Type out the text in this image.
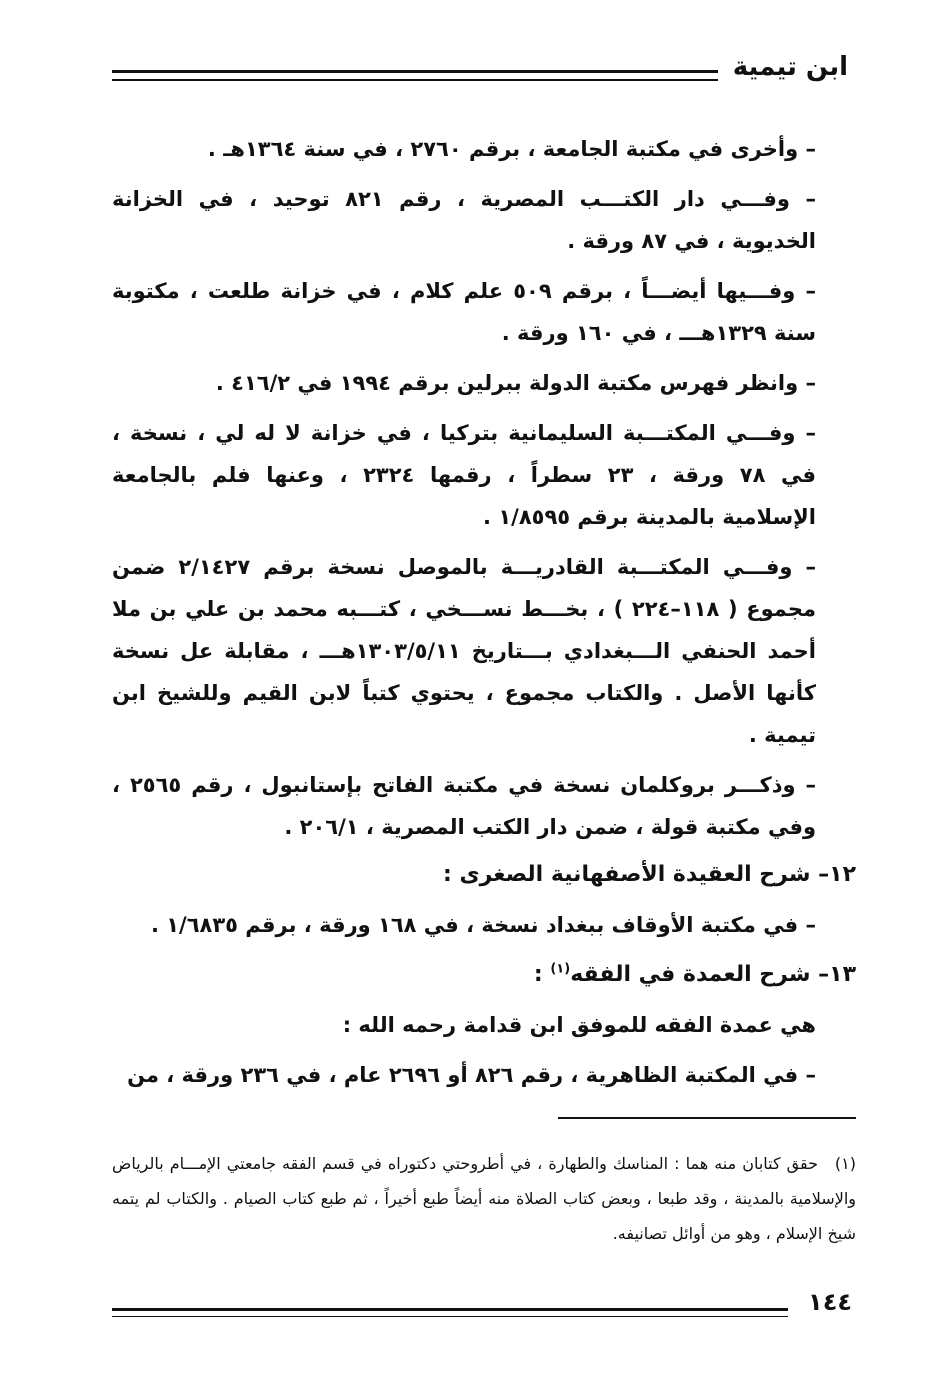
ابن تيمية

– وأخرى في مكتبة الجامعة ، برقم ٢٧٦٠ ، في سنة ١٣٦٤هـ .

– وفـــي دار الكتـــب المصرية ، رقم ٨٢١ توحيد ، في الخزانة الخديوية ، في ٨٧ ورقة .

– وفـــيها أيضـــاً ، برقم ٥٠٩ علم كلام ، في خزانة طلعت ، مكتوبة سنة ١٣٢٩هـــ ، في ١٦٠ ورقة .

– وانظر فهرس مكتبة الدولة ببرلين برقم ١٩٩٤ في ٤١٦/٢ .

– وفـــي المكتـــبة السليمانية بتركيا ، في خزانة لا له لي ، نسخة ، في ٧٨ ورقة ، ٢٣ سطراً ، رقمها ٢٣٢٤ ، وعنها فلم بالجامعة الإسلامية بالمدينة برقم ١/٨٥٩٥ .

– وفـــي المكتـــبة القادريـــة بالموصل نسخة برقم ٢/١٤٢٧ ضمن مجموع ( ١١٨–٢٢٤ ) ، بخـــط نســـخي ، كتـــبه محمد بن علي بن ملا أحمد الحنفي الـــبغدادي بـــتاريخ ١٣٠٣/٥/١١هـــ ، مقابلة عل نسخة كأنها الأصل . والكتاب مجموع ، يحتوي كتباً لابن القيم وللشيخ ابن تيمية .

– وذكـــر بروكلمان نسخة في مكتبة الفاتح بإستانبول ، رقم ٢٥٦٥ ، وفي مكتبة قولة ، ضمن دار الكتب المصرية ، ٢٠٦/١ .

١٢– شرح العقيدة الأصفهانية الصغرى :

– في مكتبة الأوقاف ببغداد نسخة ، في ١٦٨ ورقة ، برقم ١/٦٨٣٥ .

١٣– شرح العمدة في الفقه$^{(١)}$ :

هي عمدة الفقه للموفق ابن قدامة رحمه الله :

– في المكتبة الظاهرية ، رقم ٨٢٦ أو ٢٦٩٦ عام ، في ٢٣٦ ورقة ، من

(١)حقق كتابان منه هما : المناسك والطهارة ، في أطروحتي دكتوراه في قسم الفقه جامعتي الإمـــام بالرياض والإسلامية بالمدينة ، وقد طبعا ، وبعض كتاب الصلاة منه أيضاً طبع أخيراً ، ثم طبع كتاب الصيام . والكتاب لم يتمه شيخ الإسلام ، وهو من أوائل تصانيفه.
١٤٤
